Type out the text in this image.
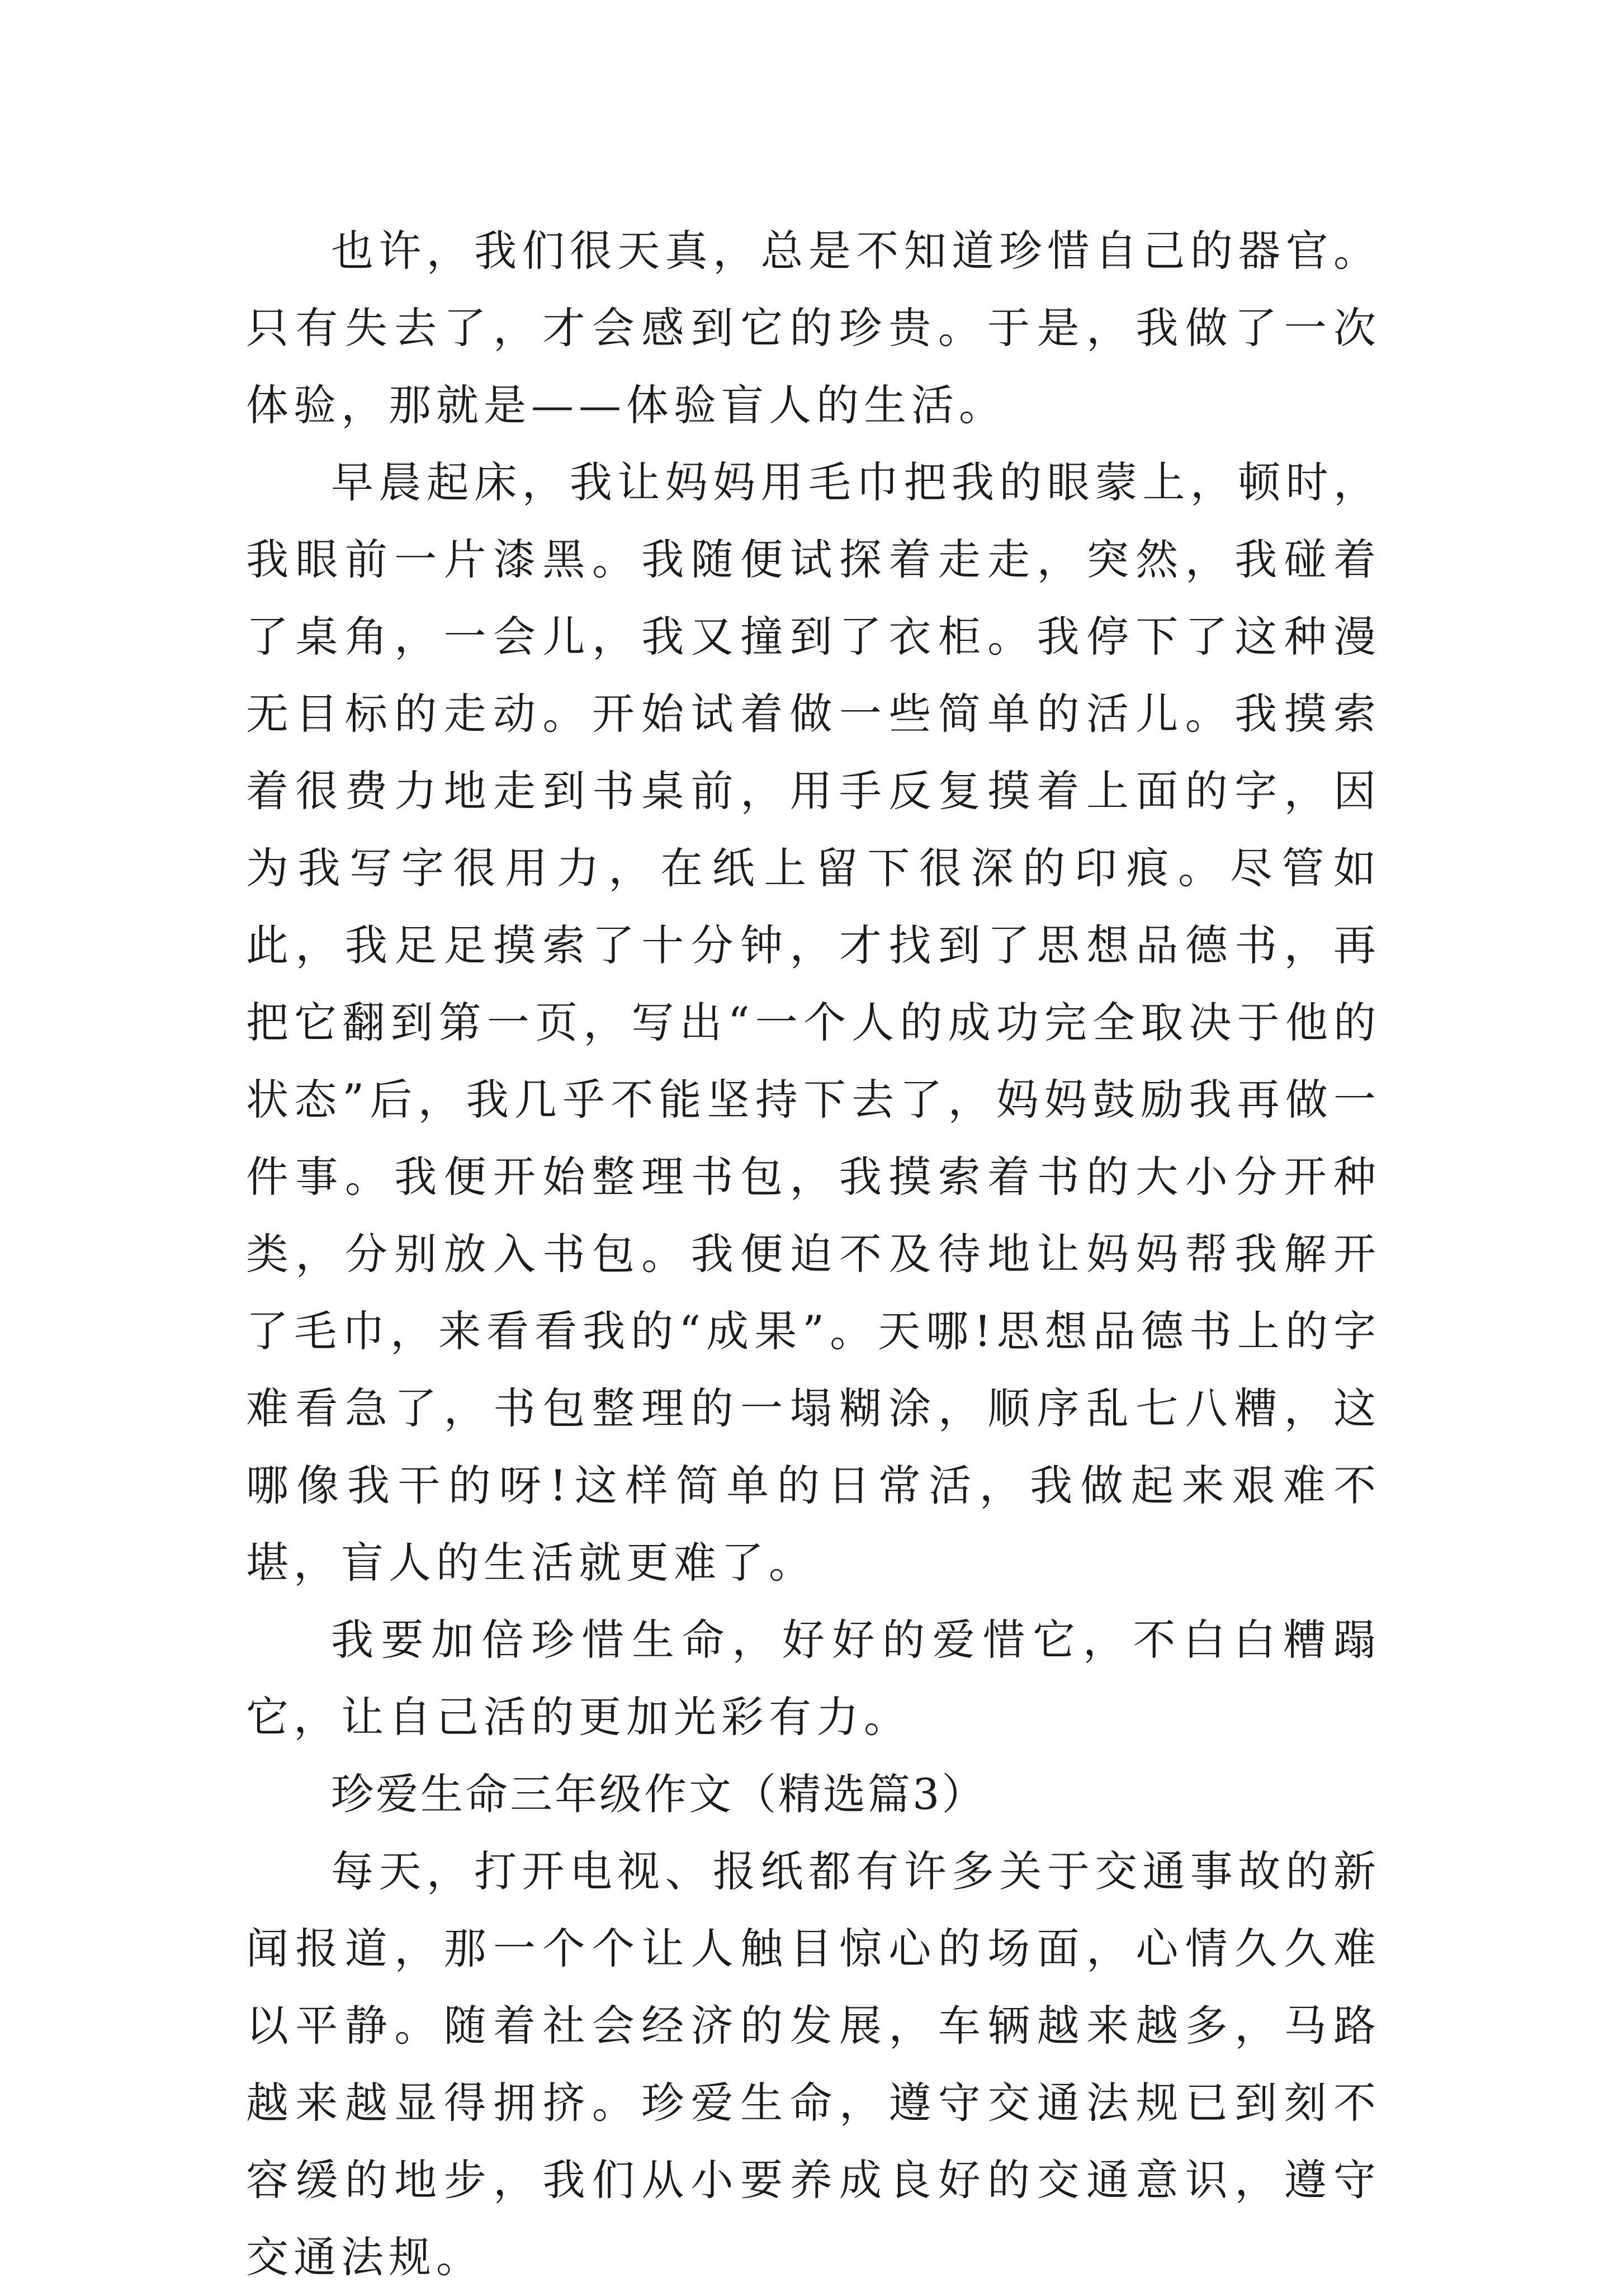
也许，我们很天真，总是不知道珍惜自己的器官。只有失去了，才会感到它的珍贵。于是，我做了一次体验，那就是——体验盲人的生活。

早晨起床，我让妈妈用毛巾把我的眼蒙上，顿时，我眼前一片漆黑。我随便试探着走走，突然，我碰着了桌角，一会儿，我又撞到了衣柜。我停下了这种漫无目标的走动。开始试着做一些简单的活儿。我摸索着很费力地走到书桌前，用手反复摸着上面的字，因为我写字很用力，在纸上留下很深的印痕。尽管如此，我足足摸索了十分钟，才找到了思想品德书，再把它翻到第一页，写出“一个人的成功完全取决于他的状态”后，我几乎不能坚持下去了，妈妈鼓励我再做一件事。我便开始整理书包，我摸索着书的大小分开种类，分别放入书包。我便迫不及待地让妈妈帮我解开了毛巾，来看看我的“成果”。天哪!思想品德书上的字难看急了，书包整理的一塌糊涂，顺序乱七八糟，这哪像我干的呀!这样简单的日常活，我做起来艰难不堪，盲人的生活就更难了。

我要加倍珍惜生命，好好的爱惜它，不白白糟蹋它，让自己活的更加光彩有力。

珍爱生命三年级作文（精选篇3）

每天，打开电视、报纸都有许多关于交通事故的新闻报道，那一个个让人触目惊心的场面，心情久久难以平静。随着社会经济的发展，车辆越来越多，马路越来越显得拥挤。珍爱生命，遵守交通法规已到刻不容缓的地步，我们从小要养成良好的交通意识，遵守交通法规。
